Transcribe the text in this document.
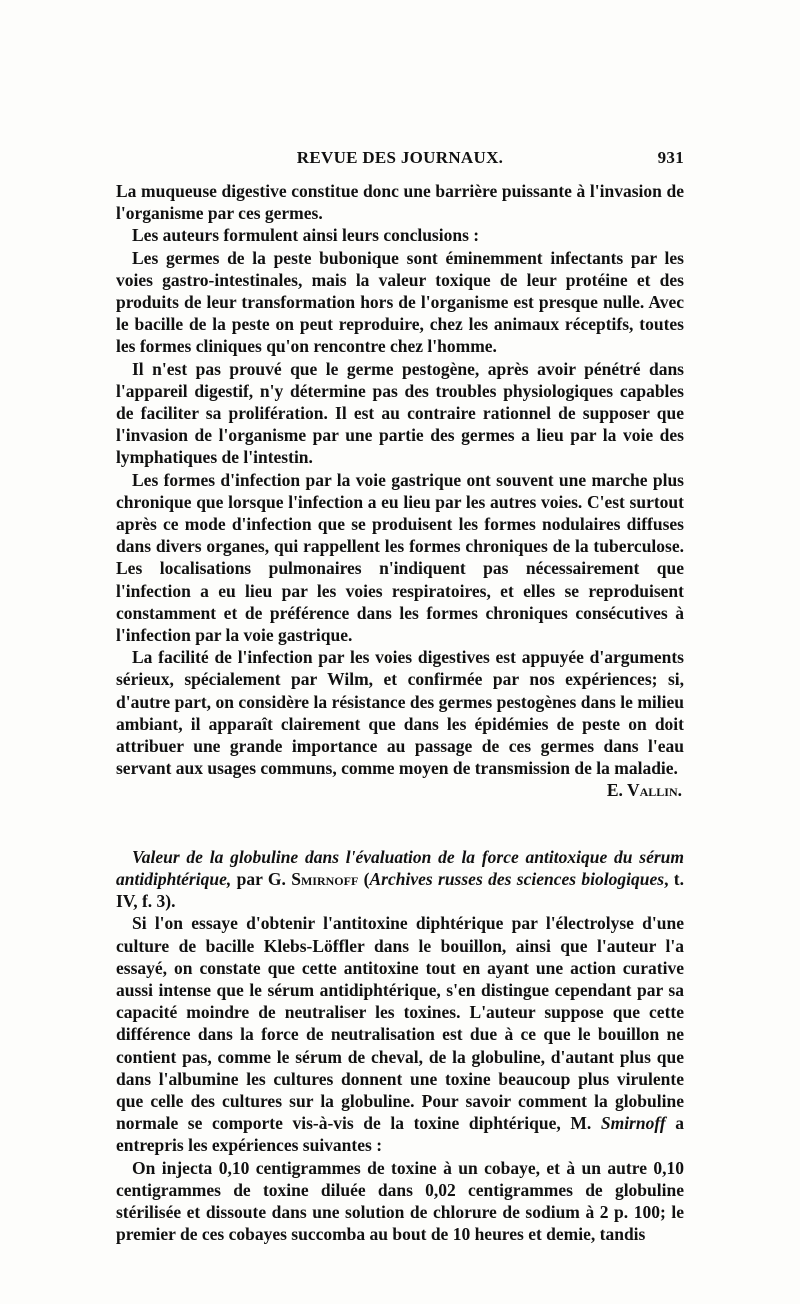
REVUE DES JOURNAUX.	931

La muqueuse digestive constitue donc une barrière puissante à l'invasion de l'organisme par ces germes.

Les auteurs formulent ainsi leurs conclusions :

Les germes de la peste bubonique sont éminemment infectants par les voies gastro-intestinales, mais la valeur toxique de leur protéine et des produits de leur transformation hors de l'organisme est presque nulle. Avec le bacille de la peste on peut reproduire, chez les animaux réceptifs, toutes les formes cliniques qu'on rencontre chez l'homme.

Il n'est pas prouvé que le germe pestogène, après avoir pénétré dans l'appareil digestif, n'y détermine pas des troubles physiologiques capables de faciliter sa prolifération. Il est au contraire rationnel de supposer que l'invasion de l'organisme par une partie des germes a lieu par la voie des lymphatiques de l'intestin.

Les formes d'infection par la voie gastrique ont souvent une marche plus chronique que lorsque l'infection a eu lieu par les autres voies. C'est surtout après ce mode d'infection que se produisent les formes nodulaires diffuses dans divers organes, qui rappellent les formes chroniques de la tuberculose. Les localisations pulmonaires n'indiquent pas nécessairement que l'infection a eu lieu par les voies respiratoires, et elles se reproduisent constamment et de préférence dans les formes chroniques consécutives à l'infection par la voie gastrique.

La facilité de l'infection par les voies digestives est appuyée d'arguments sérieux, spécialement par Wilm, et confirmée par nos expériences; si, d'autre part, on considère la résistance des germes pestogènes dans le milieu ambiant, il apparaît clairement que dans les épidémies de peste on doit attribuer une grande importance au passage de ces germes dans l'eau servant aux usages communs, comme moyen de transmission de la maladie.

E. Vallin.

Valeur de la globuline dans l'évaluation de la force antitoxique du sérum antidiphtérique, par G. Smirnoff (Archives russes des sciences biologiques, t. IV, f. 3).

Si l'on essaye d'obtenir l'antitoxine diphtérique par l'électrolyse d'une culture de bacille Klebs-Löffler dans le bouillon, ainsi que l'auteur l'a essayé, on constate que cette antitoxine tout en ayant une action curative aussi intense que le sérum antidiphtérique, s'en distingue cependant par sa capacité moindre de neutraliser les toxines. L'auteur suppose que cette différence dans la force de neutralisation est due à ce que le bouillon ne contient pas, comme le sérum de cheval, de la globuline, d'autant plus que dans l'albumine les cultures donnent une toxine beaucoup plus virulente que celle des cultures sur la globuline. Pour savoir comment la globuline normale se comporte vis-à-vis de la toxine diphtérique, M. Smirnoff a entrepris les expériences suivantes :

On injecta 0,10 centigrammes de toxine à un cobaye, et à un autre 0,10 centigrammes de toxine diluée dans 0,02 centigrammes de globuline stérilisée et dissoute dans une solution de chlorure de sodium à 2 p. 100; le premier de ces cobayes succomba au bout de 10 heures et demie, tandis
